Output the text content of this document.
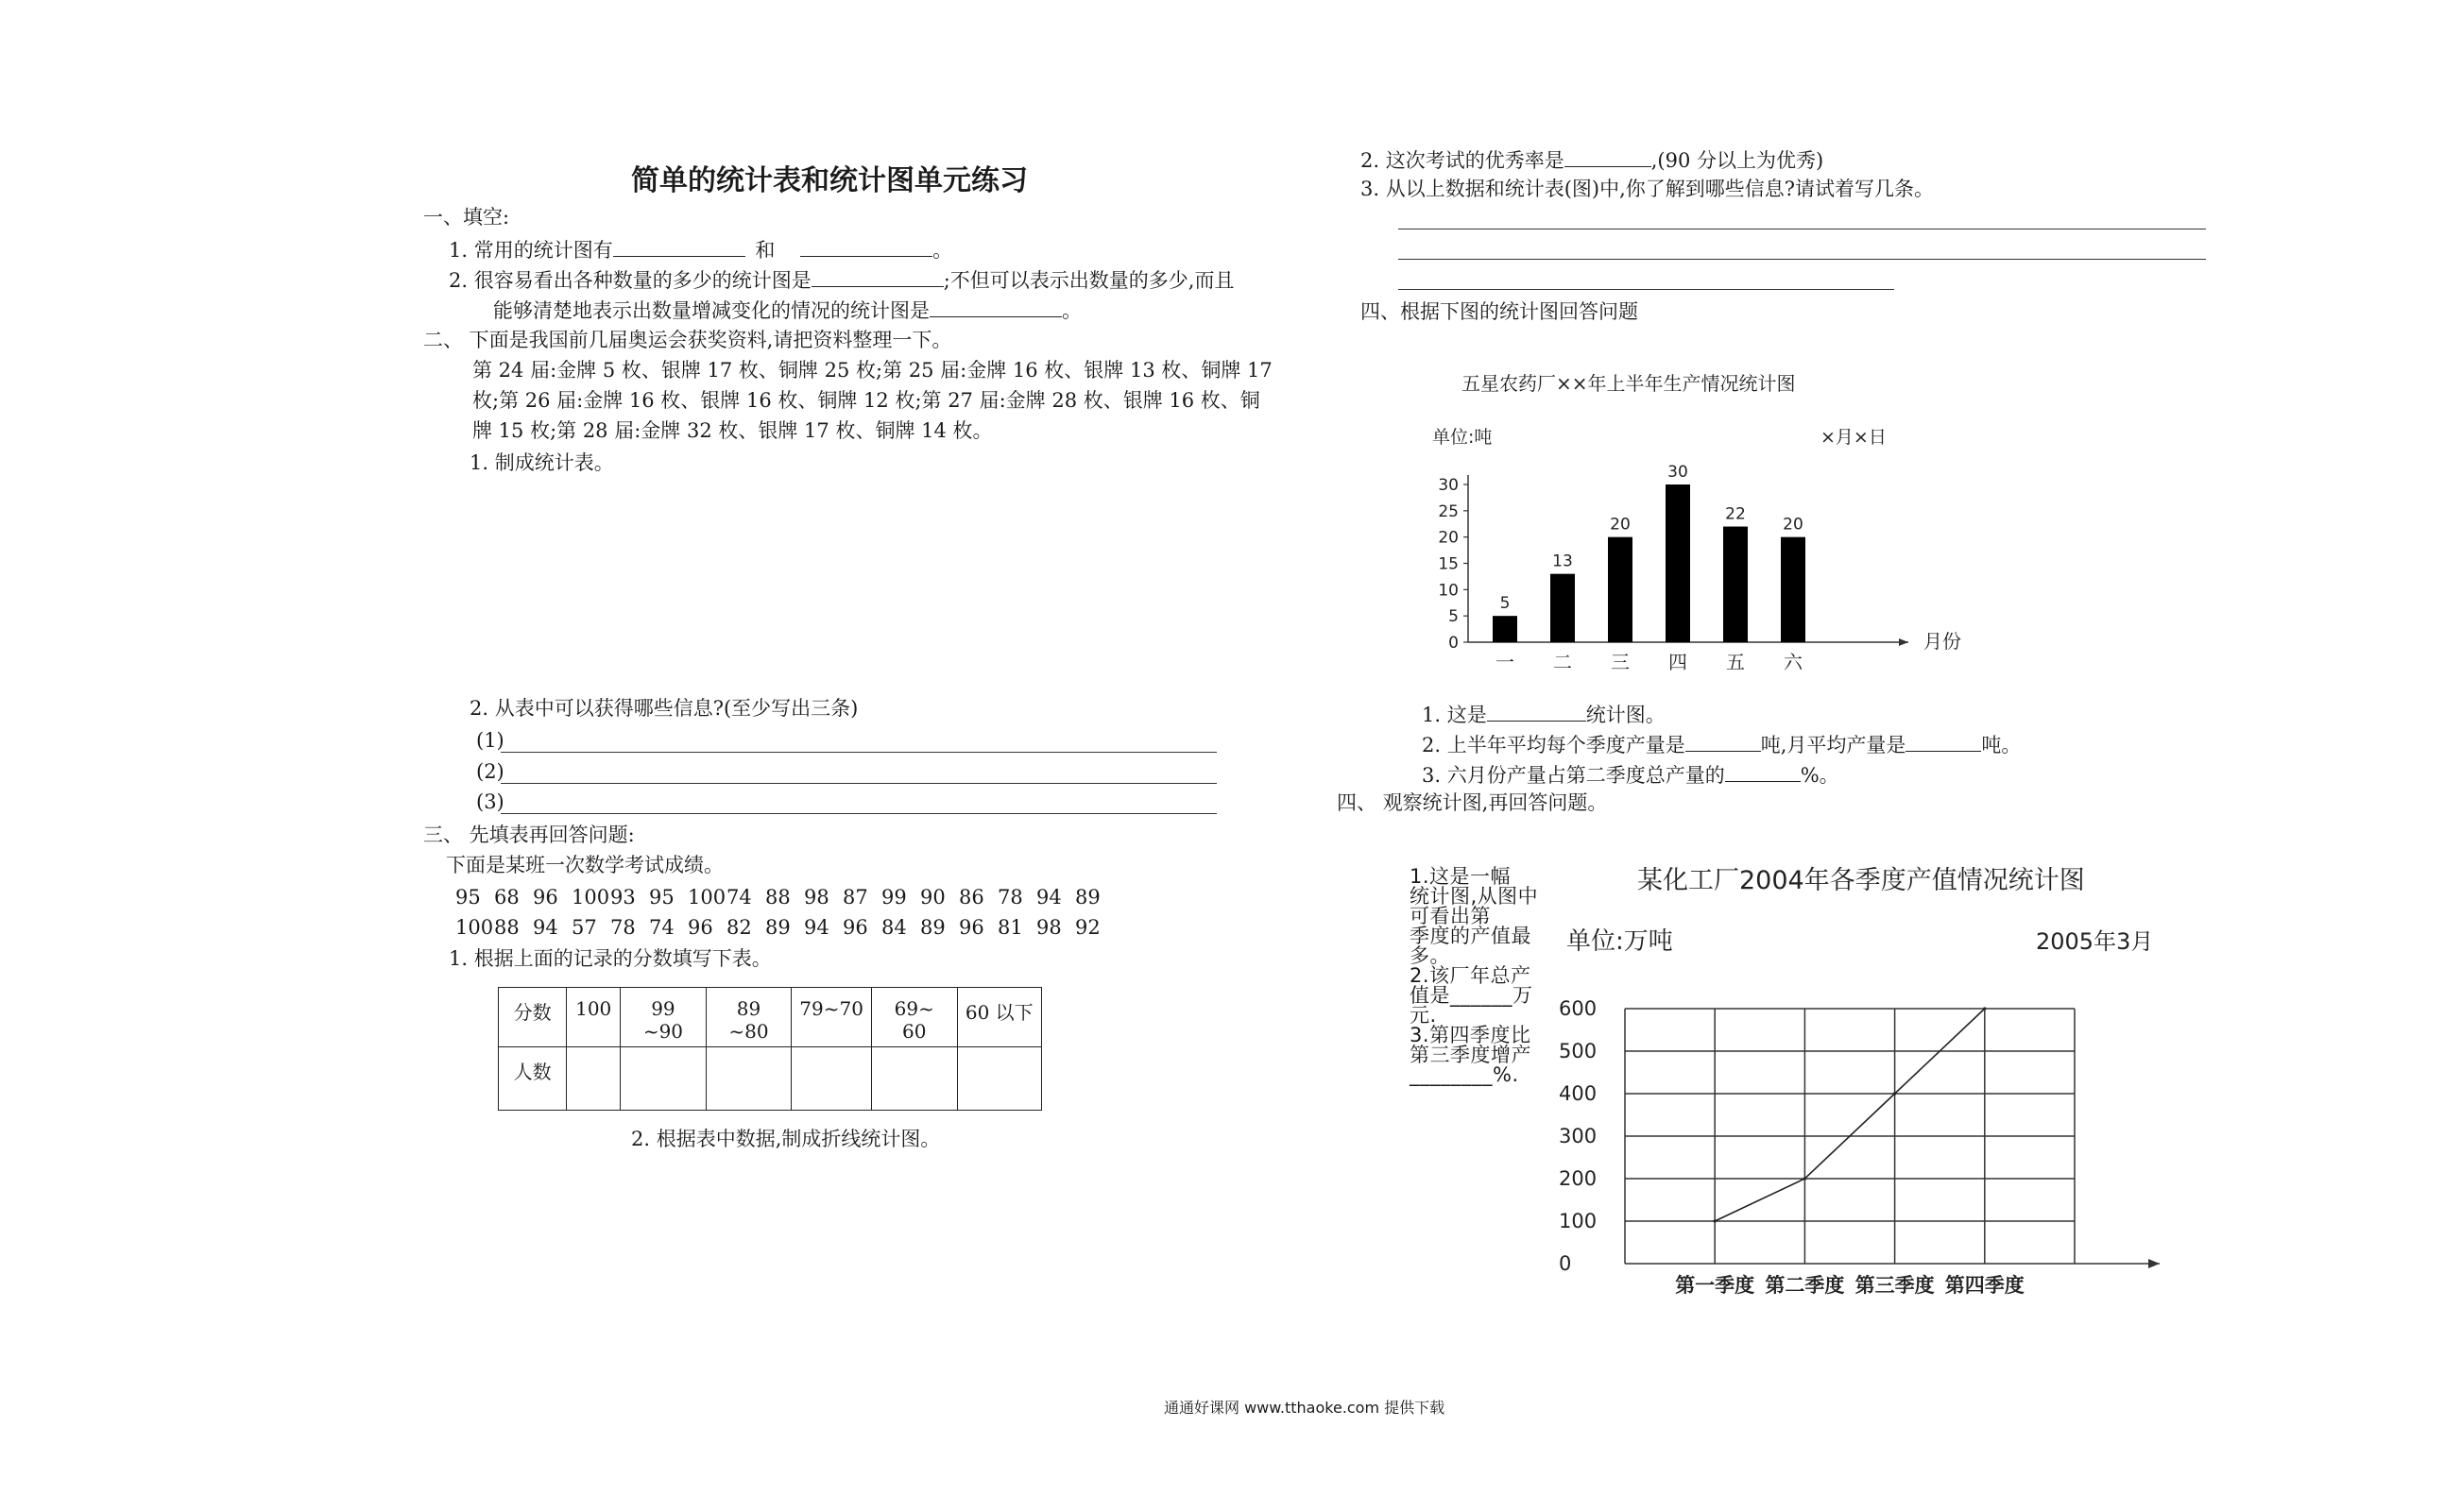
简单的统计表和统计图单元练习
一、填空:
1. 常用的统计图有	和	。
2. 很容易看出各种数量的多少的统计图是	;不但可以表示出数量的多少,而且
能够清楚地表示出数量增减变化的情况的统计图是	。
二、 下面是我国前几届奥运会获奖资料,请把资料整理一下。
第 24 届:金牌 5 枚、银牌 17 枚、铜牌 25 枚;第 25 届:金牌 16 枚、银牌 13 枚、铜牌 17
枚;第 26 届:金牌 16 枚、银牌 16 枚、铜牌 12 枚;第 27 届:金牌 28 枚、银牌 16 枚、铜
牌 15 枚;第 28 届:金牌 32 枚、银牌 17 枚、铜牌 14 枚。
1. 制成统计表。
2. 从表中可以获得哪些信息?(至少写出三条)
(1)
(2)
(3)
三、 先填表再回答问题:
下面是某班一次数学考试成绩。
95 68 96 10093 95 10074 88 98 87 99 90 86 78 94 89
10088 94 57 78 74 96 82 89 94 96 84 89 96 81 98 92
1. 根据上面的记录的分数填写下表。
分数	100	99 ~90	89 ~80	79~70	69~ 60	60 以下
人数						
2. 根据表中数据,制成折线统计图。
2. 这次考试的优秀率是	,(90 分以上为优秀)
3. 从以上数据和统计表(图)中,你了解到哪些信息?请试着写几条。
四、根据下图的统计图回答问题
五星农药厂××年上半年生产情况统计图
单位:吨	×月×日
0
5
10
15
20
25
30
5
一
13
二
20
三
30
四
22
五
20
六
月份
1. 这是	统计图。
2. 上半年平均每个季度产量是	吨,月平均产量是	吨。
3. 六月份产量占第二季度总产量的	%。
四、 观察统计图,再回答问题。
1.这是一幅
统计图,从图中
可看出第
季度的产值最
多。
2.该厂年总产
值是______万
元.
3.第四季度比
第三季度增产
________%.
某化工厂2004年各季度产值情况统计图
单位:万吨	2005年3月
0
100
200
300
400
500
600
第一季度 第二季度 第三季度 第四季度
通通好课网 www.tthaoke.com 提供下载
